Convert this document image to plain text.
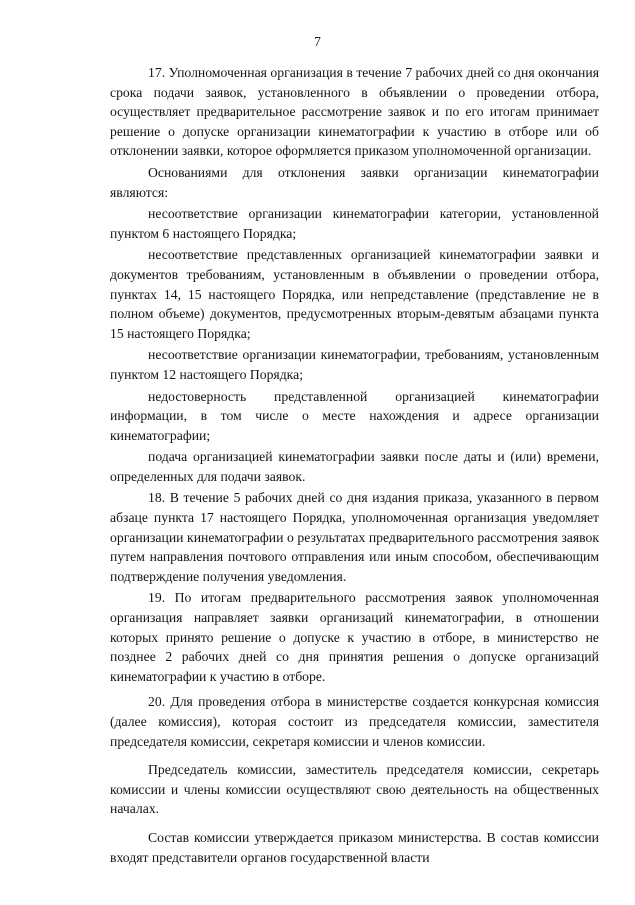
7

17. Уполномоченная организация в течение 7 рабочих дней со дня окончания срока подачи заявок, установленного в объявлении о проведении отбора, осуществляет предварительное рассмотрение заявок и по его итогам принимает решение о допуске организации кинематографии к участию в отборе или об отклонении заявки, которое оформляется приказом уполномоченной организации.

Основаниями для отклонения заявки организации кинематографии являются:

несоответствие организации кинематографии категории, установленной пунктом 6 настоящего Порядка;

несоответствие представленных организацией кинематографии заявки и документов требованиям, установленным в объявлении о проведении отбора, пунктах 14, 15 настоящего Порядка, или непредставление (представление не в полном объеме) документов, предусмотренных вторым-девятым абзацами пункта 15 настоящего Порядка;

несоответствие организации кинематографии, требованиям, установленным пунктом 12 настоящего Порядка;

недостоверность представленной организацией кинематографии информации, в том числе о месте нахождения и адресе организации кинематографии;

подача организацией кинематографии заявки после даты и (или) времени, определенных для подачи заявок.

18. В течение 5 рабочих дней со дня издания приказа, указанного в первом абзаце пункта 17 настоящего Порядка, уполномоченная организация уведомляет организации кинематографии о результатах предварительного рассмотрения заявок путем направления почтового отправления или иным способом, обеспечивающим подтверждение получения уведомления.

19. По итогам предварительного рассмотрения заявок уполномоченная организация направляет заявки организаций кинематографии, в отношении которых принято решение о допуске к участию в отборе, в министерство не позднее 2 рабочих дней со дня принятия решения о допуске организаций кинематографии к участию в отборе.

20. Для проведения отбора в министерстве создается конкурсная комиссия (далее комиссия), которая состоит из председателя комиссии, заместителя председателя комиссии, секретаря комиссии и членов комиссии.

Председатель комиссии, заместитель председателя комиссии, секретарь комиссии и члены комиссии осуществляют свою деятельность на общественных началах.

Состав комиссии утверждается приказом министерства. В состав комиссии входят представители органов государственной власти
